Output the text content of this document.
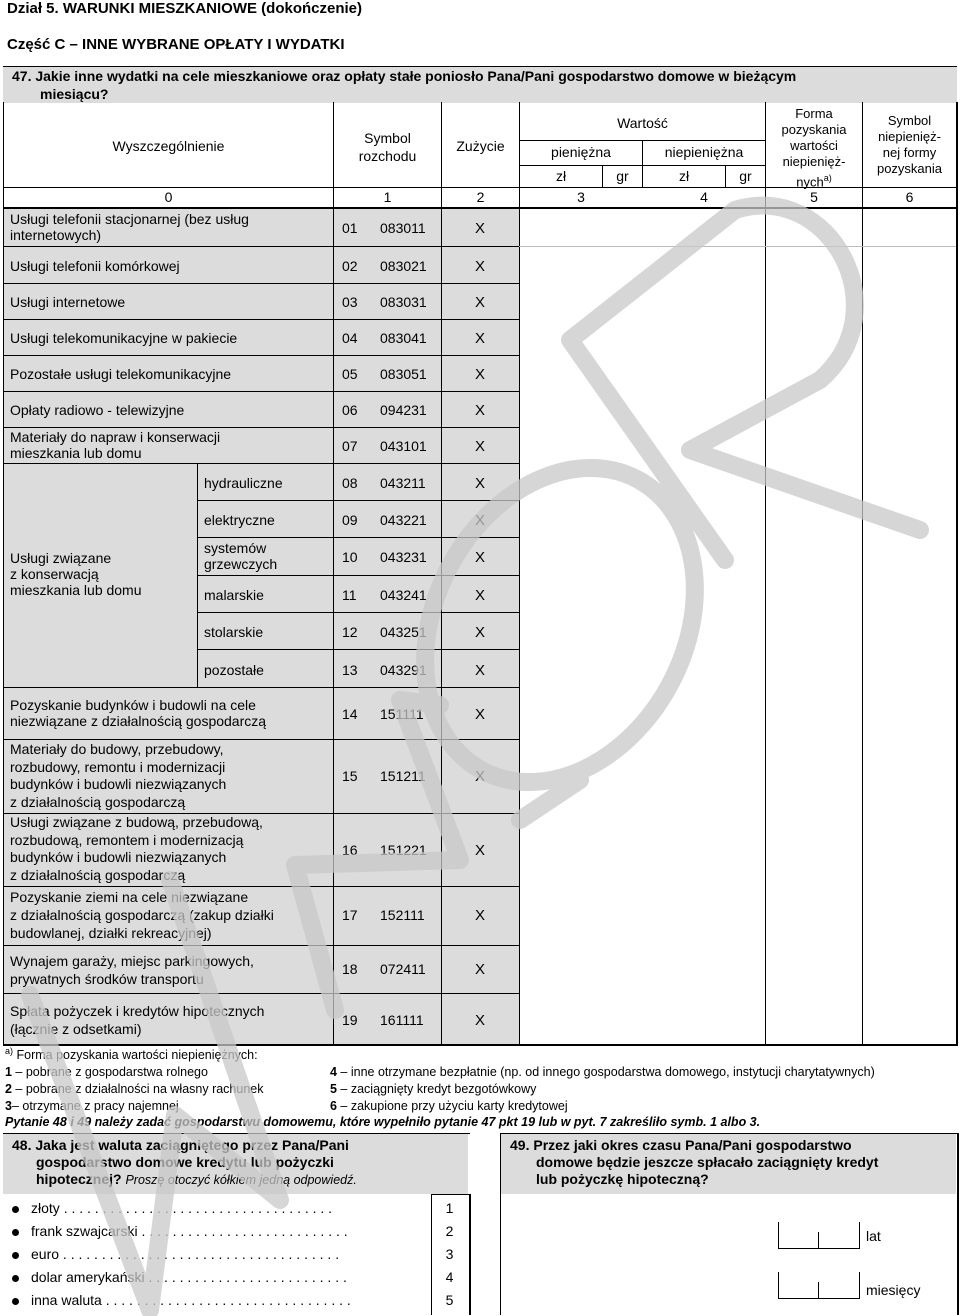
Dział 5. WARUNKI MIESZKANIOWE (dokończenie)
Część C – INNE WYBRANE OPŁATY I WYDATKI
47. Jakie inne wydatki na cele mieszkaniowe oraz opłaty stałe poniosło Pana/Pani gospodarstwo domowe w bieżącym
miesiącu?
Wyszczególnienie	Symbol
rozchodu
Zużycie
Wartość
pieniężna	niepieniężna
zł	gr	zł	gr
Forma
pozyskania
wartości
niepienięż-
nych$^{a)}$
Symbol
niepienięż-
nej formy
pozyskania
0	1	2	3	4	5	6
Usługi telefonii stacjonarnej (bez usług
internetowych)	01 083011	X
Usługi telefonii komórkowej	02 083021	X
Usługi internetowe	03 083031	X
Usługi telekomunikacyjne w pakiecie	04 083041	X
Pozostałe usługi telekomunikacyjne	05 083051	X
Opłaty radiowo - telewizyjne	06 094231	X
Materiały do napraw i konserwacji
mieszkania lub domu	07 043101	X
Usługi związane
z konserwacją
mieszkania lub domu
hydrauliczne	08 043211	X
elektryczne	09 043221	X
systemów
grzewczych	10 043231	X
malarskie	11 043241	X
stolarskie	12 043251	X
pozostałe	13 043291	X
Pozyskanie budynków i budowli na cele
niezwiązane z działalnością gospodarczą	14 151111	X
Materiały do budowy, przebudowy,
rozbudowy, remontu i modernizacji
budynków i budowli niezwiązanych
z działalnością gospodarczą
15 151211	X
Usługi związane z budową, przebudową,
rozbudową, remontem i modernizacją
budynków i budowli niezwiązanych
z działalnością gospodarczą
16 151221	X
Pozyskanie ziemi na cele niezwiązane
z działalnością gospodarczą (zakup działki
budowlanej, działki rekreacyjnej)
17 152111	X
Wynajem garaży, miejsc parkingowych,
prywatnych środków transportu
18 072411	X
Spłata pożyczek i kredytów hipotecznych
(łącznie z odsetkami)
19 161111	X
$^{a)}$ Forma pozyskania wartości niepieniężnych:
1 – pobrane z gospodarstwa rolnego
2 – pobrane z działalności na własny rachunek
3– otrzymane z pracy najemnej
4 – inne otrzymane bezpłatnie (np. od innego gospodarstwa domowego, instytucji charytatywnych)
5 – zaciągnięty kredyt bezgotówkowy
6 – zakupione przy użyciu karty kredytowej
Pytanie 48 i 49 należy zadać gospodarstwu domowemu, które wypełniło pytanie 47 pkt 19 lub w pyt. 7 zakreśliło symb. 1 albo 3.
48. Jaka jest waluta zaciągniętego przez Pana/Pani
gospodarstwo domowe kredytu lub pożyczki
hipotecznej? Proszę otoczyć kółkiem jedną odpowiedź.
złoty . . . . . . . . . . . . . . . . . . . . . . . . . . . . . . . . . . .	1
frank szwajcarski . . . . . . . . . . . . . . . . . . . . . . . . . . .	2
euro . . . . . . . . . . . . . . . . . . . . . . . . . . . . . . . . . . . .	3
dolar amerykański . . . . . . . . . . . . . . . . . . . . . . . . . .	4
inna waluta . . . . . . . . . . . . . . . . . . . . . . . . . . . . . . . .	5
49. Przez jaki okres czasu Pana/Pani gospodarstwo
domowe będzie jeszcze spłacało zaciągnięty kredyt
lub pożyczkę hipoteczną?
lat
miesięcy
